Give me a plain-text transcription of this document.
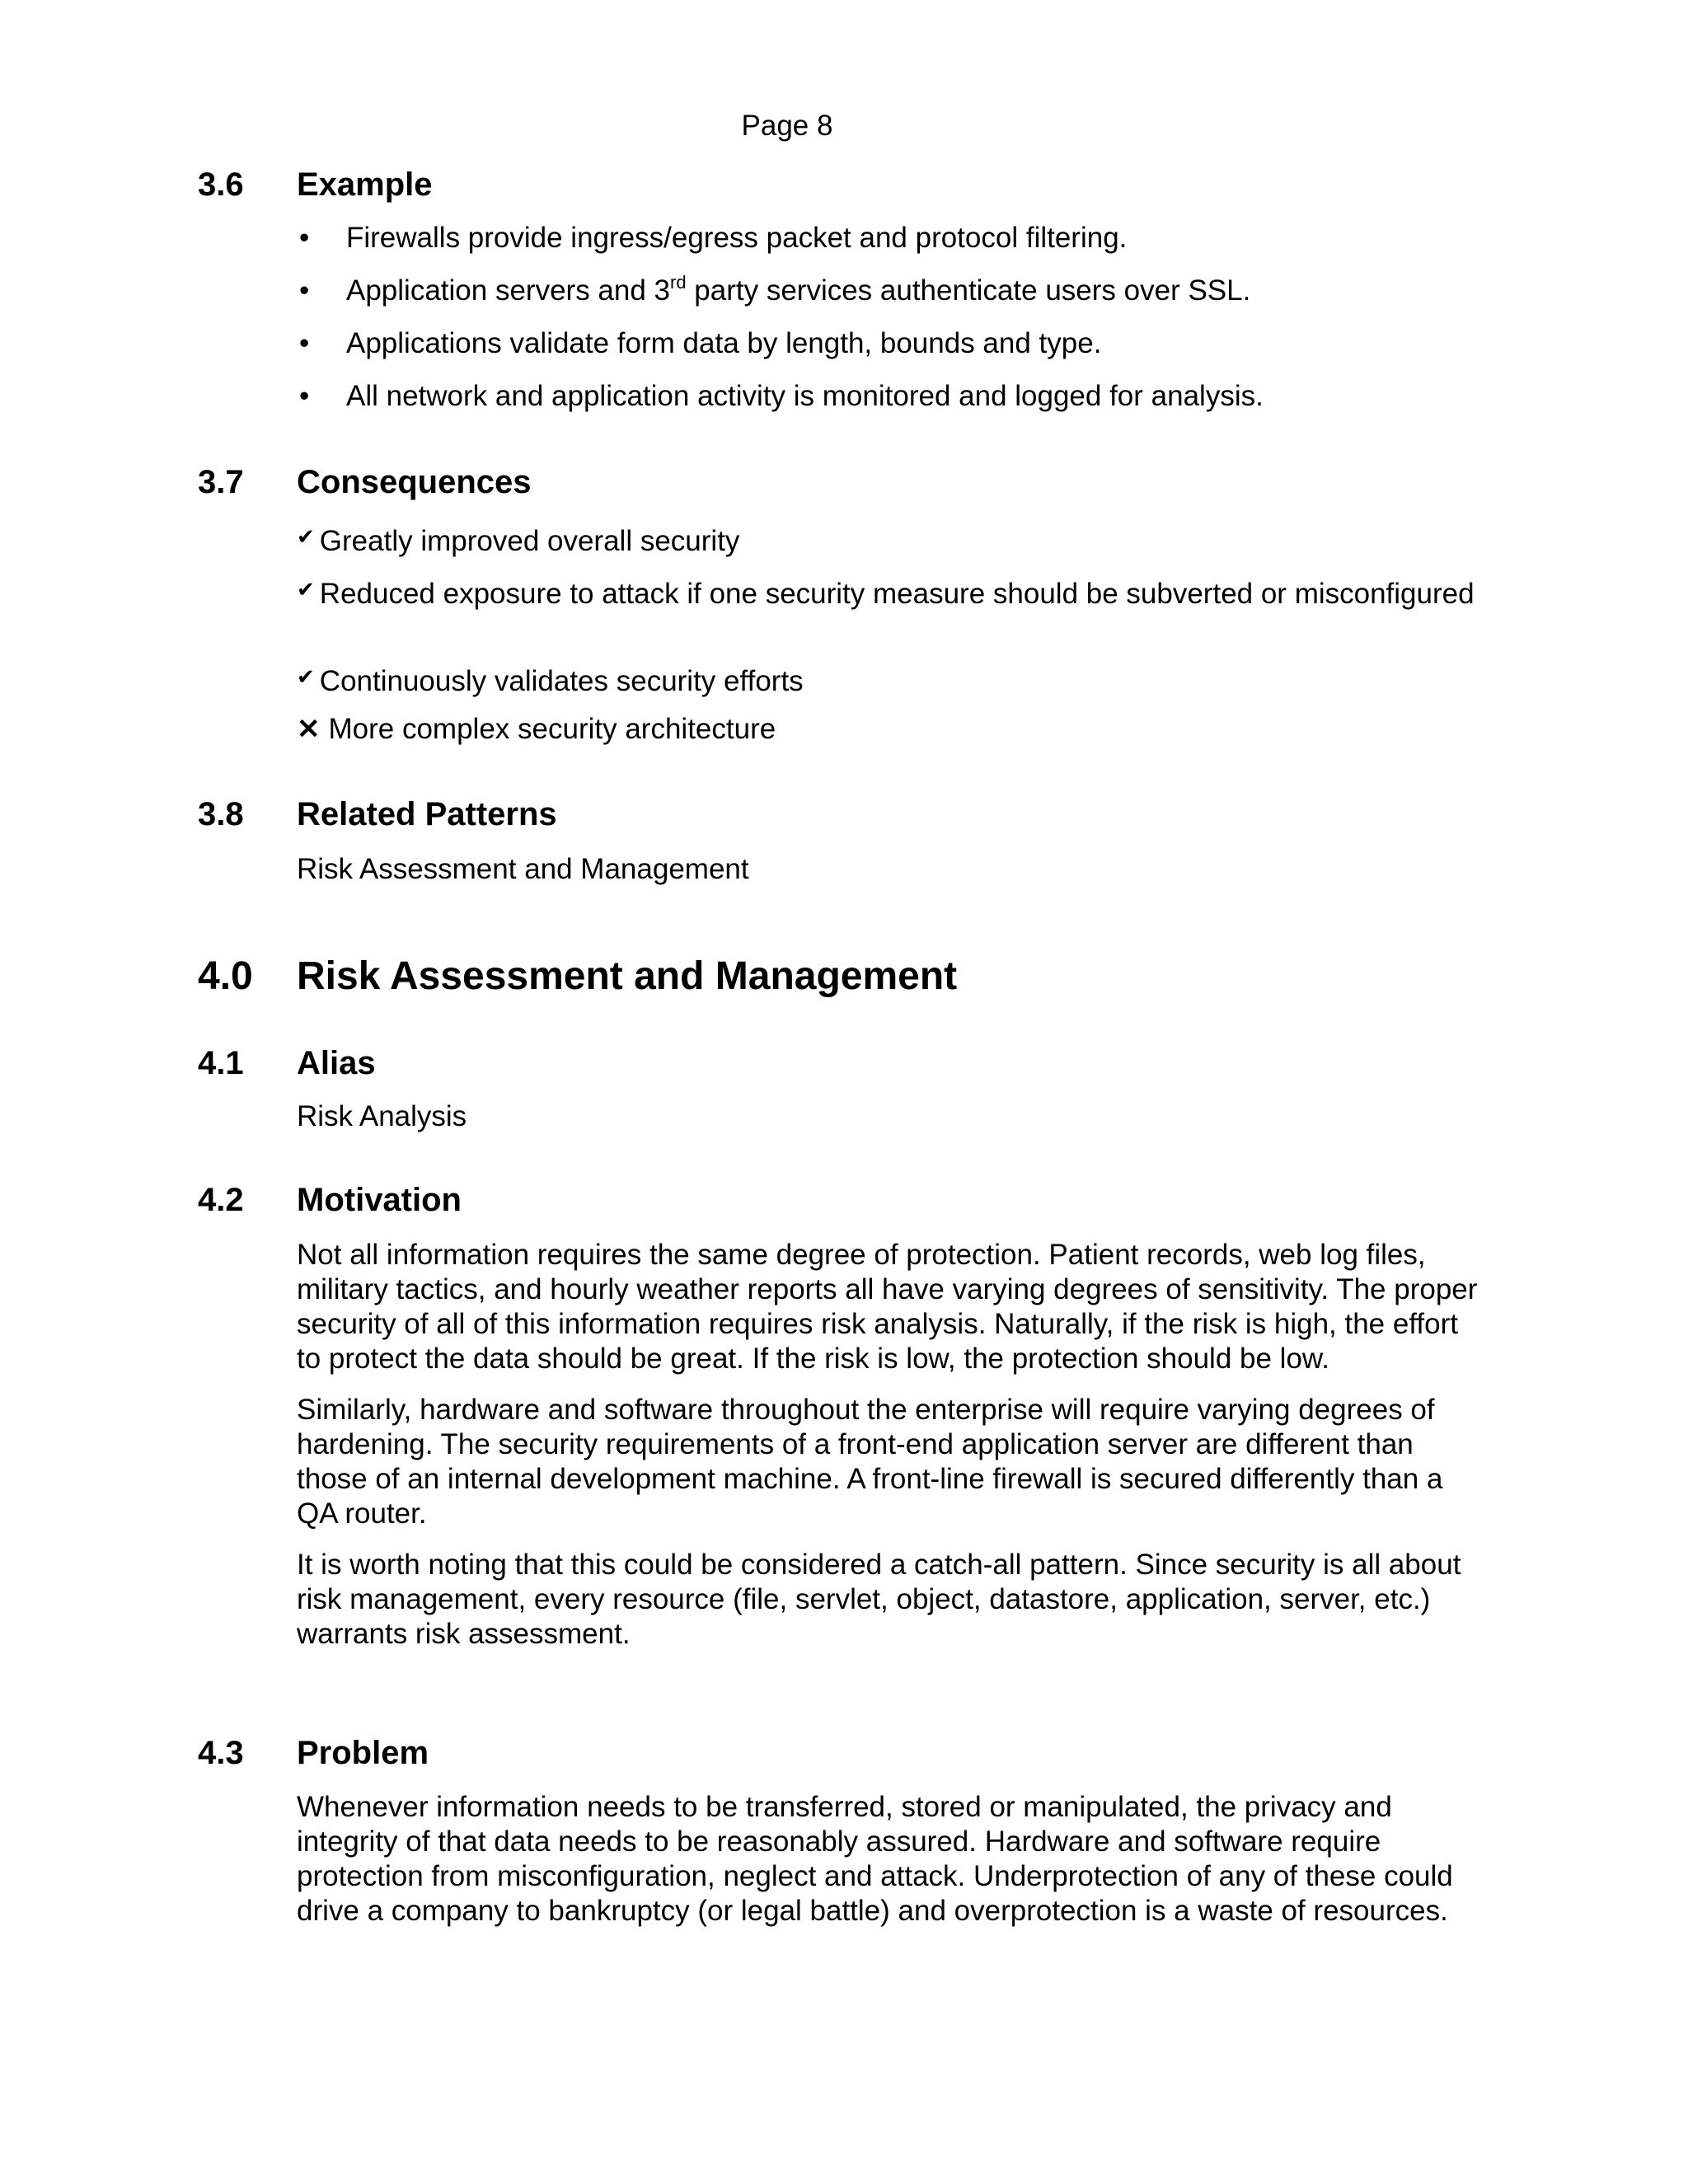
Page 8
3.6 Example
• Firewalls provide ingress/egress packet and protocol filtering.
• Application servers and 3rd party services authenticate users over SSL.
• Applications validate form data by length, bounds and type.
• All network and application activity is monitored and logged for analysis.
3.7 Consequences
✔ Greatly improved overall security
✔ Reduced exposure to attack if one security measure should be subverted or misconfigured
✔ Continuously validates security efforts
✕ More complex security architecture
3.8 Related Patterns
Risk Assessment and Management
4.0 Risk Assessment and Management
4.1 Alias
Risk Analysis
4.2 Motivation

Not all information requires the same degree of protection. Patient records, web log files, military tactics, and hourly weather reports all have varying degrees of sensitivity. The proper security of all of this information requires risk analysis. Naturally, if the risk is high, the effort to protect the data should be great. If the risk is low, the protection should be low.

Similarly, hardware and software throughout the enterprise will require varying degrees of hardening. The security requirements of a front-end application server are different than those of an internal development machine. A front-line firewall is secured differently than a QA router.

It is worth noting that this could be considered a catch-all pattern. Since security is all about risk management, every resource (file, servlet, object, datastore, application, server, etc.) warrants risk assessment.

4.3 Problem
Whenever information needs to be transferred, stored or manipulated, the privacy and integrity of that data needs to be reasonably assured. Hardware and software require protection from misconfiguration, neglect and attack. Underprotection of any of these could drive a company to bankruptcy (or legal battle) and overprotection is a waste of resources.
